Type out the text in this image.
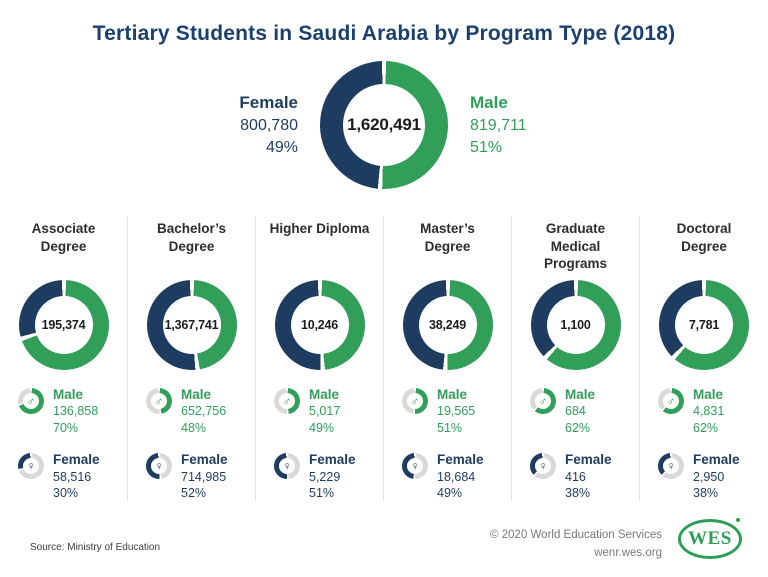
Tertiary Students in Saudi Arabia by Program Type (2018)
Female
800,780
49%
1,620,491
Male
819,711
51%
Associate Degree
195,374
♂ Male
136,858
70%
♀ Female
58,516
30%
Bachelor’s Degree
1,367,741
♂ Male
652,756
48%
♀ Female
714,985
52%
Higher Diploma
10,246
♂ Male
5,017
49%
♀ Female
5,229
51%
Master’s Degree
38,249
♂ Male
19,565
51%
♀ Female
18,684
49%
Graduate Medical Programs
1,100
♂ Male
684
62%
♀ Female
416
38%
Doctoral Degree
7,781
♂ Male
4,831
62%
♀ Female
2,950
38%
Source: Ministry of Education
© 2020 World Education Services
wenr.wes.org
WES
